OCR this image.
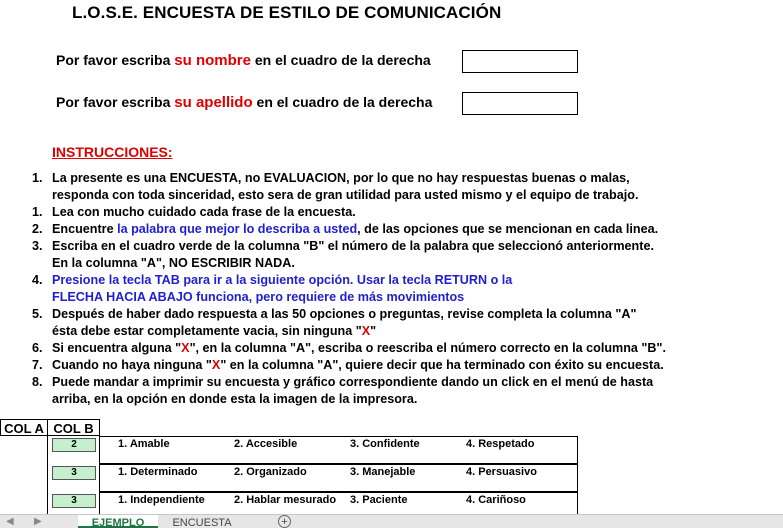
L.O.S.E. ENCUESTA DE ESTILO DE COMUNICACIÓN
Por favor escriba su nombre en el cuadro de la derecha
Por favor escriba su apellido en el cuadro de la derecha
INSTRUCCIONES:
1. La presente es una ENCUESTA, no EVALUACION, por lo que no hay respuestas buenas o malas,
responda con toda sinceridad, esto sera de gran utilidad para usted mismo y el equipo de trabajo.
1. Lea con mucho cuidado cada frase de la encuesta.
2. Encuentre la palabra que mejor lo describa a usted, de las opciones que se mencionan en cada linea.
3. Escriba en el cuadro verde de la columna "B" el número de la palabra que seleccionó anteriormente.
En la columna "A", NO ESCRIBIR NADA.
4. Presione la tecla TAB para ir a la siguiente opción. Usar la tecla RETURN o la
FLECHA HACIA ABAJO funciona, pero requiere de más movimientos
5. Después de haber dado respuesta a las 50 opciones o preguntas, revise completa la columna "A"
ésta debe estar completamente vacia, sin ninguna "X"
6. Si encuentra alguna "X", en la columna "A", escriba o reescriba el número correcto en la columna "B".
7. Cuando no haya ninguna "X" en la columna "A", quiere decir que ha terminado con éxito su encuesta.
8. Puede mandar a imprimir su encuesta y gráfico correspondiente dando un click en el menú de hasta
arriba, en la opción en donde esta la imagen de la impresora.
COL A COL B
2	1. Amable	2. Accesible	3. Confidente	4. Respetado
3	1. Determinado	2. Organizado	3. Manejable	4. Persuasivo
3	1. Independiente	2. Hablar mesurado 3. Paciente	4. Cariñoso
◀ ▶	EJEMPLO	ENCUESTA	+
